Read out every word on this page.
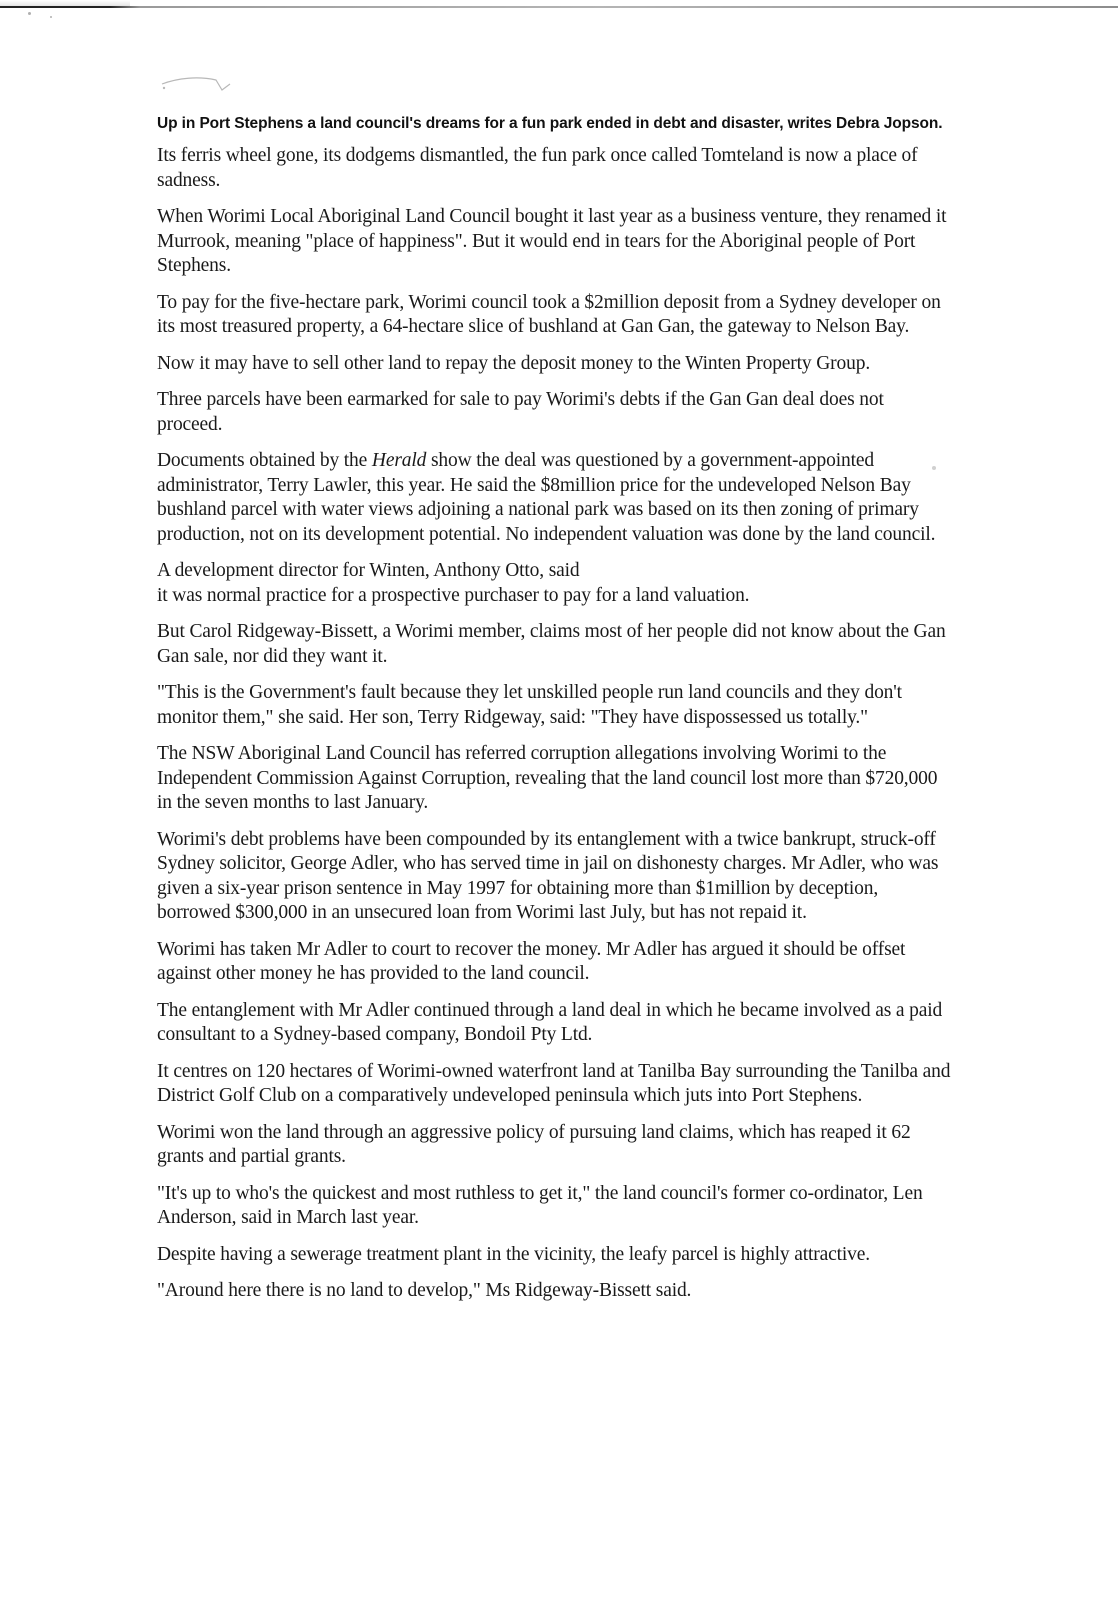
Up in Port Stephens a land council's dreams for a fun park ended in debt and disaster, writes Debra Jopson.

Its ferris wheel gone, its dodgems dismantled, the fun park once called Tomteland is now a place of
sadness.

When Worimi Local Aboriginal Land Council bought it last year as a business venture, they renamed it
Murrook, meaning "place of happiness". But it would end in tears for the Aboriginal people of Port
Stephens.

To pay for the five-hectare park, Worimi council took a $2million deposit from a Sydney developer on
its most treasured property, a 64-hectare slice of bushland at Gan Gan, the gateway to Nelson Bay.

Now it may have to sell other land to repay the deposit money to the Winten Property Group.

Three parcels have been earmarked for sale to pay Worimi's debts if the Gan Gan deal does not
proceed.

Documents obtained by the Herald show the deal was questioned by a government-appointed
administrator, Terry Lawler, this year. He said the $8million price for the undeveloped Nelson Bay
bushland parcel with water views adjoining a national park was based on its then zoning of primary
production, not on its development potential. No independent valuation was done by the land council.

A development director for Winten, Anthony Otto, said
it was normal practice for a prospective purchaser to pay for a land valuation.

But Carol Ridgeway-Bissett, a Worimi member, claims most of her people did not know about the Gan
Gan sale, nor did they want it.

"This is the Government's fault because they let unskilled people run land councils and they don't
monitor them," she said. Her son, Terry Ridgeway, said: "They have dispossessed us totally."

The NSW Aboriginal Land Council has referred corruption allegations involving Worimi to the
Independent Commission Against Corruption, revealing that the land council lost more than $720,000
in the seven months to last January.

Worimi's debt problems have been compounded by its entanglement with a twice bankrupt, struck-off
Sydney solicitor, George Adler, who has served time in jail on dishonesty charges. Mr Adler, who was
given a six-year prison sentence in May 1997 for obtaining more than $1million by deception,
borrowed $300,000 in an unsecured loan from Worimi last July, but has not repaid it.

Worimi has taken Mr Adler to court to recover the money. Mr Adler has argued it should be offset
against other money he has provided to the land council.

The entanglement with Mr Adler continued through a land deal in which he became involved as a paid
consultant to a Sydney-based company, Bondoil Pty Ltd.

It centres on 120 hectares of Worimi-owned waterfront land at Tanilba Bay surrounding the Tanilba and
District Golf Club on a comparatively undeveloped peninsula which juts into Port Stephens.

Worimi won the land through an aggressive policy of pursuing land claims, which has reaped it 62
grants and partial grants.

"It's up to who's the quickest and most ruthless to get it," the land council's former co-ordinator, Len
Anderson, said in March last year.

Despite having a sewerage treatment plant in the vicinity, the leafy parcel is highly attractive.

"Around here there is no land to develop," Ms Ridgeway-Bissett said.
